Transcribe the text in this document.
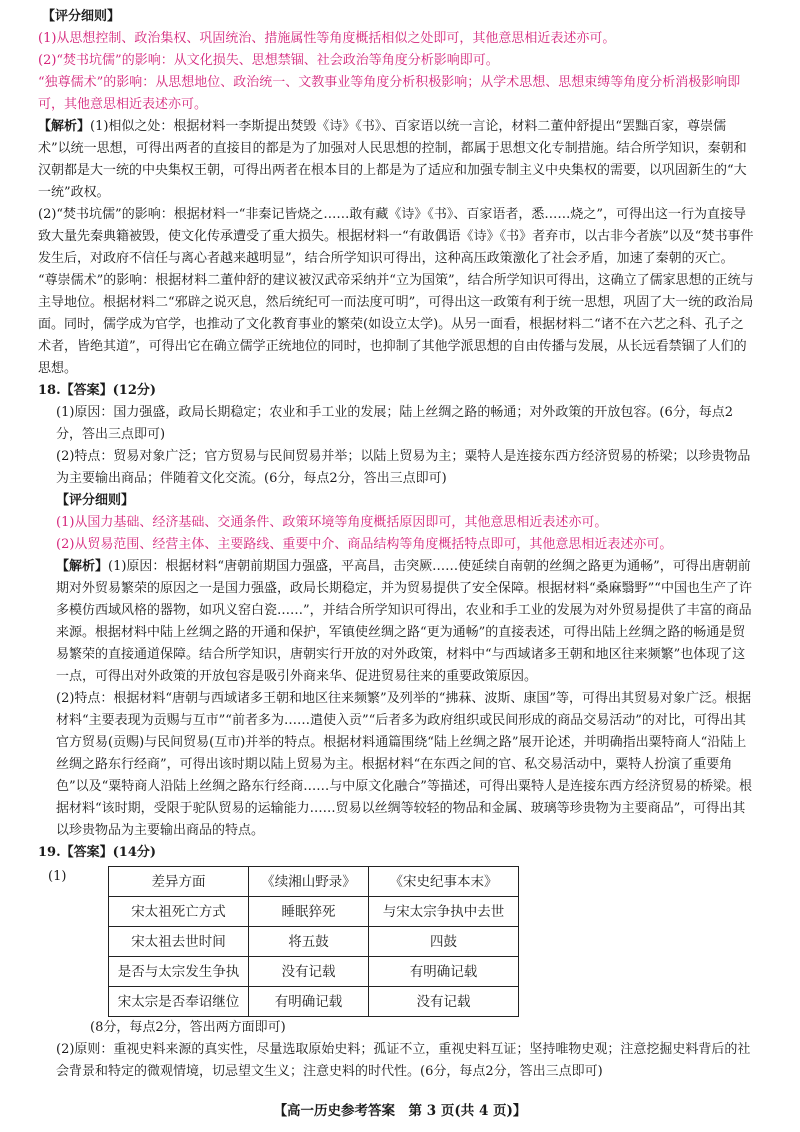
【评分细则】
(1)从思想控制、政治集权、巩固统治、措施属性等角度概括相似之处即可，其他意思相近表述亦可。
(2)“焚书坑儒”的影响：从文化损失、思想禁锢、社会政治等角度分析影响即可。
“独尊儒术”的影响：从思想地位、政治统一、文教事业等角度分析积极影响；从学术思想、思想束缚等角度分析消极影响即可，其他意思相近表述亦可。
【解析】(1)相似之处：根据材料一李斯提出焚毁《诗》《书》、百家语以统一言论，材料二董仲舒提出“罢黜百家，尊崇儒术”以统一思想，可得出两者的直接目的都是为了加强对人民思想的控制，都属于思想文化专制措施。结合所学知识，秦朝和汉朝都是大一统的中央集权王朝，可得出两者在根本目的上都是为了适应和加强专制主义中央集权的需要，以巩固新生的“大一统”政权。
(2)“焚书坑儒”的影响：根据材料一“非秦记皆烧之……敢有藏《诗》《书》、百家语者，悉……烧之”，可得出这一行为直接导致大量先秦典籍被毁，使文化传承遭受了重大损失。根据材料一“有敢偶语《诗》《书》者弃市，以古非今者族”以及“焚书事件发生后，对政府不信任与离心者越来越明显”，结合所学知识可得出，这种高压政策激化了社会矛盾，加速了秦朝的灭亡。
“尊崇儒术”的影响：根据材料二董仲舒的建议被汉武帝采纳并“立为国策”，结合所学知识可得出，这确立了儒家思想的正统与主导地位。根据材料二“邪辟之说灭息，然后统纪可一而法度可明”，可得出这一政策有利于统一思想，巩固了大一统的政治局面。同时，儒学成为官学，也推动了文化教育事业的繁荣(如设立太学)。从另一面看，根据材料二“诸不在六艺之科、孔子之术者，皆绝其道”，可得出它在确立儒学正统地位的同时，也抑制了其他学派思想的自由传播与发展，从长远看禁锢了人们的思想。
18.【答案】(12分)
(1)原因：国力强盛，政局长期稳定；农业和手工业的发展；陆上丝绸之路的畅通；对外政策的开放包容。(6分，每点2分，答出三点即可)
(2)特点：贸易对象广泛；官方贸易与民间贸易并举；以陆上贸易为主；粟特人是连接东西方经济贸易的桥梁；以珍贵物品为主要输出商品；伴随着文化交流。(6分，每点2分，答出三点即可)
【评分细则】
(1)从国力基础、经济基础、交通条件、政策环境等角度概括原因即可，其他意思相近表述亦可。
(2)从贸易范围、经营主体、主要路线、重要中介、商品结构等角度概括特点即可，其他意思相近表述亦可。
【解析】(1)原因：根据材料“唐朝前期国力强盛，平高昌，击突厥……使延续自南朝的丝绸之路更为通畅”，可得出唐朝前期对外贸易繁荣的原因之一是国力强盛，政局长期稳定，并为贸易提供了安全保障。根据材料“桑麻翳野”“中国也生产了许多模仿西域风格的器物，如巩义窑白瓷……”，并结合所学知识可得出，农业和手工业的发展为对外贸易提供了丰富的商品来源。根据材料中陆上丝绸之路的开通和保护，军镇使丝绸之路“更为通畅”的直接表述，可得出陆上丝绸之路的畅通是贸易繁荣的直接通道保障。结合所学知识，唐朝实行开放的对外政策，材料中“与西域诸多王朝和地区往来频繁”也体现了这一点，可得出对外政策的开放包容是吸引外商来华、促进贸易往来的重要政策原因。
(2)特点：根据材料“唐朝与西域诸多王朝和地区往来频繁”及列举的“拂菻、波斯、康国”等，可得出其贸易对象广泛。根据材料“主要表现为贡赐与互市”“前者多为……遣使入贡”“后者多为政府组织或民间形成的商品交易活动”的对比，可得出其官方贸易(贡赐)与民间贸易(互市)并举的特点。根据材料通篇围绕“陆上丝绸之路”展开论述，并明确指出粟特商人“沿陆上丝绸之路东行经商”，可得出该时期以陆上贸易为主。根据材料“在东西之间的官、私交易活动中，粟特人扮演了重要角色”以及“粟特商人沿陆上丝绸之路东行经商……与中原文化融合”等描述，可得出粟特人是连接东西方经济贸易的桥梁。根据材料“该时期，受限于驼队贸易的运输能力……贸易以丝绸等较轻的物品和金属、玻璃等珍贵物为主要商品”，可得出其以珍贵物品为主要输出商品的特点。
19.【答案】(14分)
(1)	差异方面	《续湘山野录》	《宋史纪事本末》
宋太祖死亡方式	睡眠猝死	与宋太宗争执中去世
宋太祖去世时间	将五鼓	四鼓
是否与太宗发生争执	没有记载	有明确记载
宋太宗是否奉诏继位	有明确记载	没有记载
(8分，每点2分，答出两方面即可)
(2)原则：重视史料来源的真实性，尽量选取原始史料；孤证不立，重视史料互证；坚持唯物史观；注意挖掘史料背后的社会背景和特定的微观情境，切忌望文生义；注意史料的时代性。(6分，每点2分，答出三点即可)
【高一历史参考答案　第 3 页(共 4 页)】
